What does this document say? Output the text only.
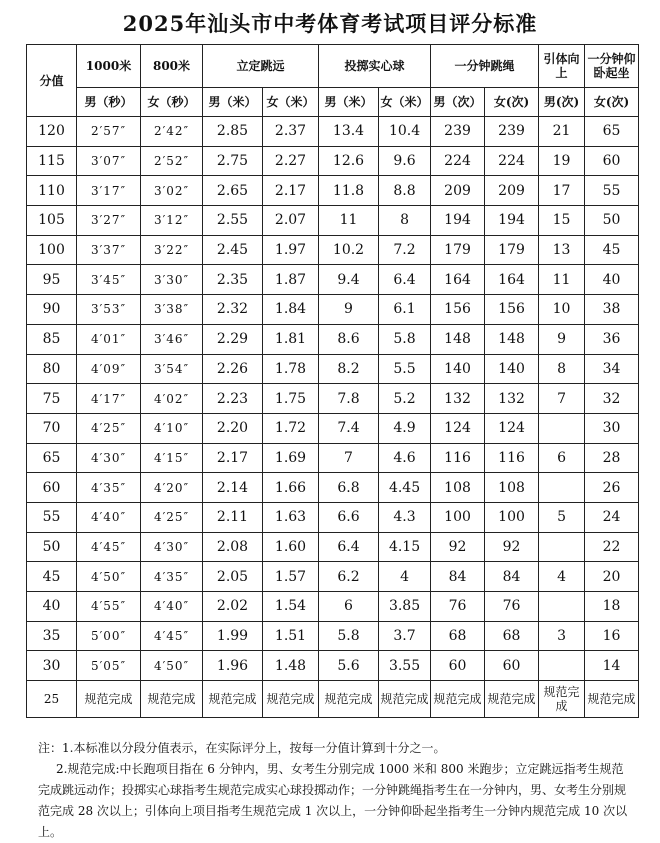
2025年汕头市中考体育考试项目评分标准
分值	1000米	800米	立定跳远		投掷实心球		一分钟跳绳		引体向上	一分钟仰卧起坐
	男（秒）	女（秒）	男（米）	女（米）	男（米）	女（米）	男（次）	女(次)	男(次)	女(次)
120	2′57″	2′42″	2.85	2.37	13.4	10.4	239	239	21	65
115	3′07″	2′52″	2.75	2.27	12.6	9.6	224	224	19	60
110	3′17″	3′02″	2.65	2.17	11.8	8.8	209	209	17	55
105	3′27″	3′12″	2.55	2.07	11	8	194	194	15	50
100	3′37″	3′22″	2.45	1.97	10.2	7.2	179	179	13	45
95	3′45″	3′30″	2.35	1.87	9.4	6.4	164	164	11	40
90	3′53″	3′38″	2.32	1.84	9	6.1	156	156	10	38
85	4′01″	3′46″	2.29	1.81	8.6	5.8	148	148	9	36
80	4′09″	3′54″	2.26	1.78	8.2	5.5	140	140	8	34
75	4′17″	4′02″	2.23	1.75	7.8	5.2	132	132	7	32
70	4′25″	4′10″	2.20	1.72	7.4	4.9	124	124		30
65	4′30″	4′15″	2.17	1.69	7	4.6	116	116	6	28
60	4′35″	4′20″	2.14	1.66	6.8	4.45	108	108		26
55	4′40″	4′25″	2.11	1.63	6.6	4.3	100	100	5	24
50	4′45″	4′30″	2.08	1.60	6.4	4.15	92	92		22
45	4′50″	4′35″	2.05	1.57	6.2	4	84	84	4	20
40	4′55″	4′40″	2.02	1.54	6	3.85	76	76		18
35	5′00″	4′45″	1.99	1.51	5.8	3.7	68	68	3	16
30	5′05″	4′50″	1.96	1.48	5.6	3.55	60	60		14
25	规范完成	规范完成	规范完成	规范完成	规范完成	规范完成	规范完成	规范完成	规范完成	规范完成

注：1.本标准以分段分值表示，在实际评分上，按每一分值计算到十分之一。

2.规范完成:中长跑项目指在 6 分钟内，男、女考生分别完成 1000 米和 800 米跑步；立定跳远指考生规范完成跳远动作；投掷实心球指考生规范完成实心球投掷动作；一分钟跳绳指考生在一分钟内，男、女考生分别规范完成 28 次以上；引体向上项目指考生规范完成 1 次以上，一分钟仰卧起坐指考生一分钟内规范完成 10 次以上。
